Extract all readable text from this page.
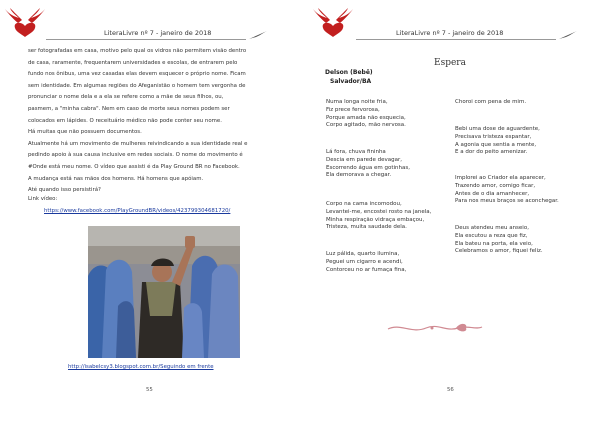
LiteraLivre nº 7 - janeiro de 2018

ser fotografadas em casa, motivo pelo qual os vidros não permitem visão dentro

de casa, raramente, frequentarem universidades e escolas, de entrarem pelo

fundo nos ônibus, uma vez casadas elas devem esquecer o próprio nome. Ficam

sem identidade. Em algumas regiões do Afeganistão o homem tem vergonha de

pronunciar o nome dela e a ela se refere como a mãe de seus filhos, ou,

pasmem, a "minha cabra". Nem em caso de morte seus nomes podem ser

colocados em lápides. O receituário médico não pode conter seu nome.

Há muitas que não possuem documentos.

Atualmente há um movimento de mulheres reivindicando a sua identidade real e

pedindo apoio à sua causa inclusive em redes sociais. O nome do movimento é

#Onde está meu nome. O vídeo que assisti é da Play Ground BR no Facebook.

A mudança está nas mãos dos homens. Há homens que apóiam.

Até quando isso persistirá?

Link vídeo:
https://www.facebook.com/PlayGroundBR/videos/423799304681720/
http://isabelcsy3.blogspot.com.br/Seguindo em frente
55
LiteraLivre nº 7 - janeiro de 2018
Espera
Delson (Bebê)
Salvador/BA

Numa longa noite fria,

Fiz prece fervorosa,

Porque amada não esquecia,

Corpo agitado, mão nervosa.

Lá fora, chuva fininha

Descia em parede devagar,

Escorrendo água em gotinhas,

Ela demorava a chegar.

Corpo na cama incomodou,

Levantei-me, encostei rosto na janela,

Minha respiração vidraça embaçou,

Tristeza, muita saudade dela.

Luz pálida, quarto ilumina,

Peguei um cigarro e acendi,

Contorceu no ar fumaça fina,

Choroi com pena de mim.

Bebi uma dose de aguardente,

Precisava tristeza espantar,

A agonia que sentia a mente,

E a dor do peito amenizar.

Implorei ao Criador ela aparecer,

Trazendo amor, comigo ficar,

Antes de o dia amanhecer,

Para nos meus braços se aconchegar.

Deus atendeu meu anseio,

Ela escutou a reza que fiz,

Ela bateu na porta, ela veio,

Celebramos o amor, fiquei feliz.

56
